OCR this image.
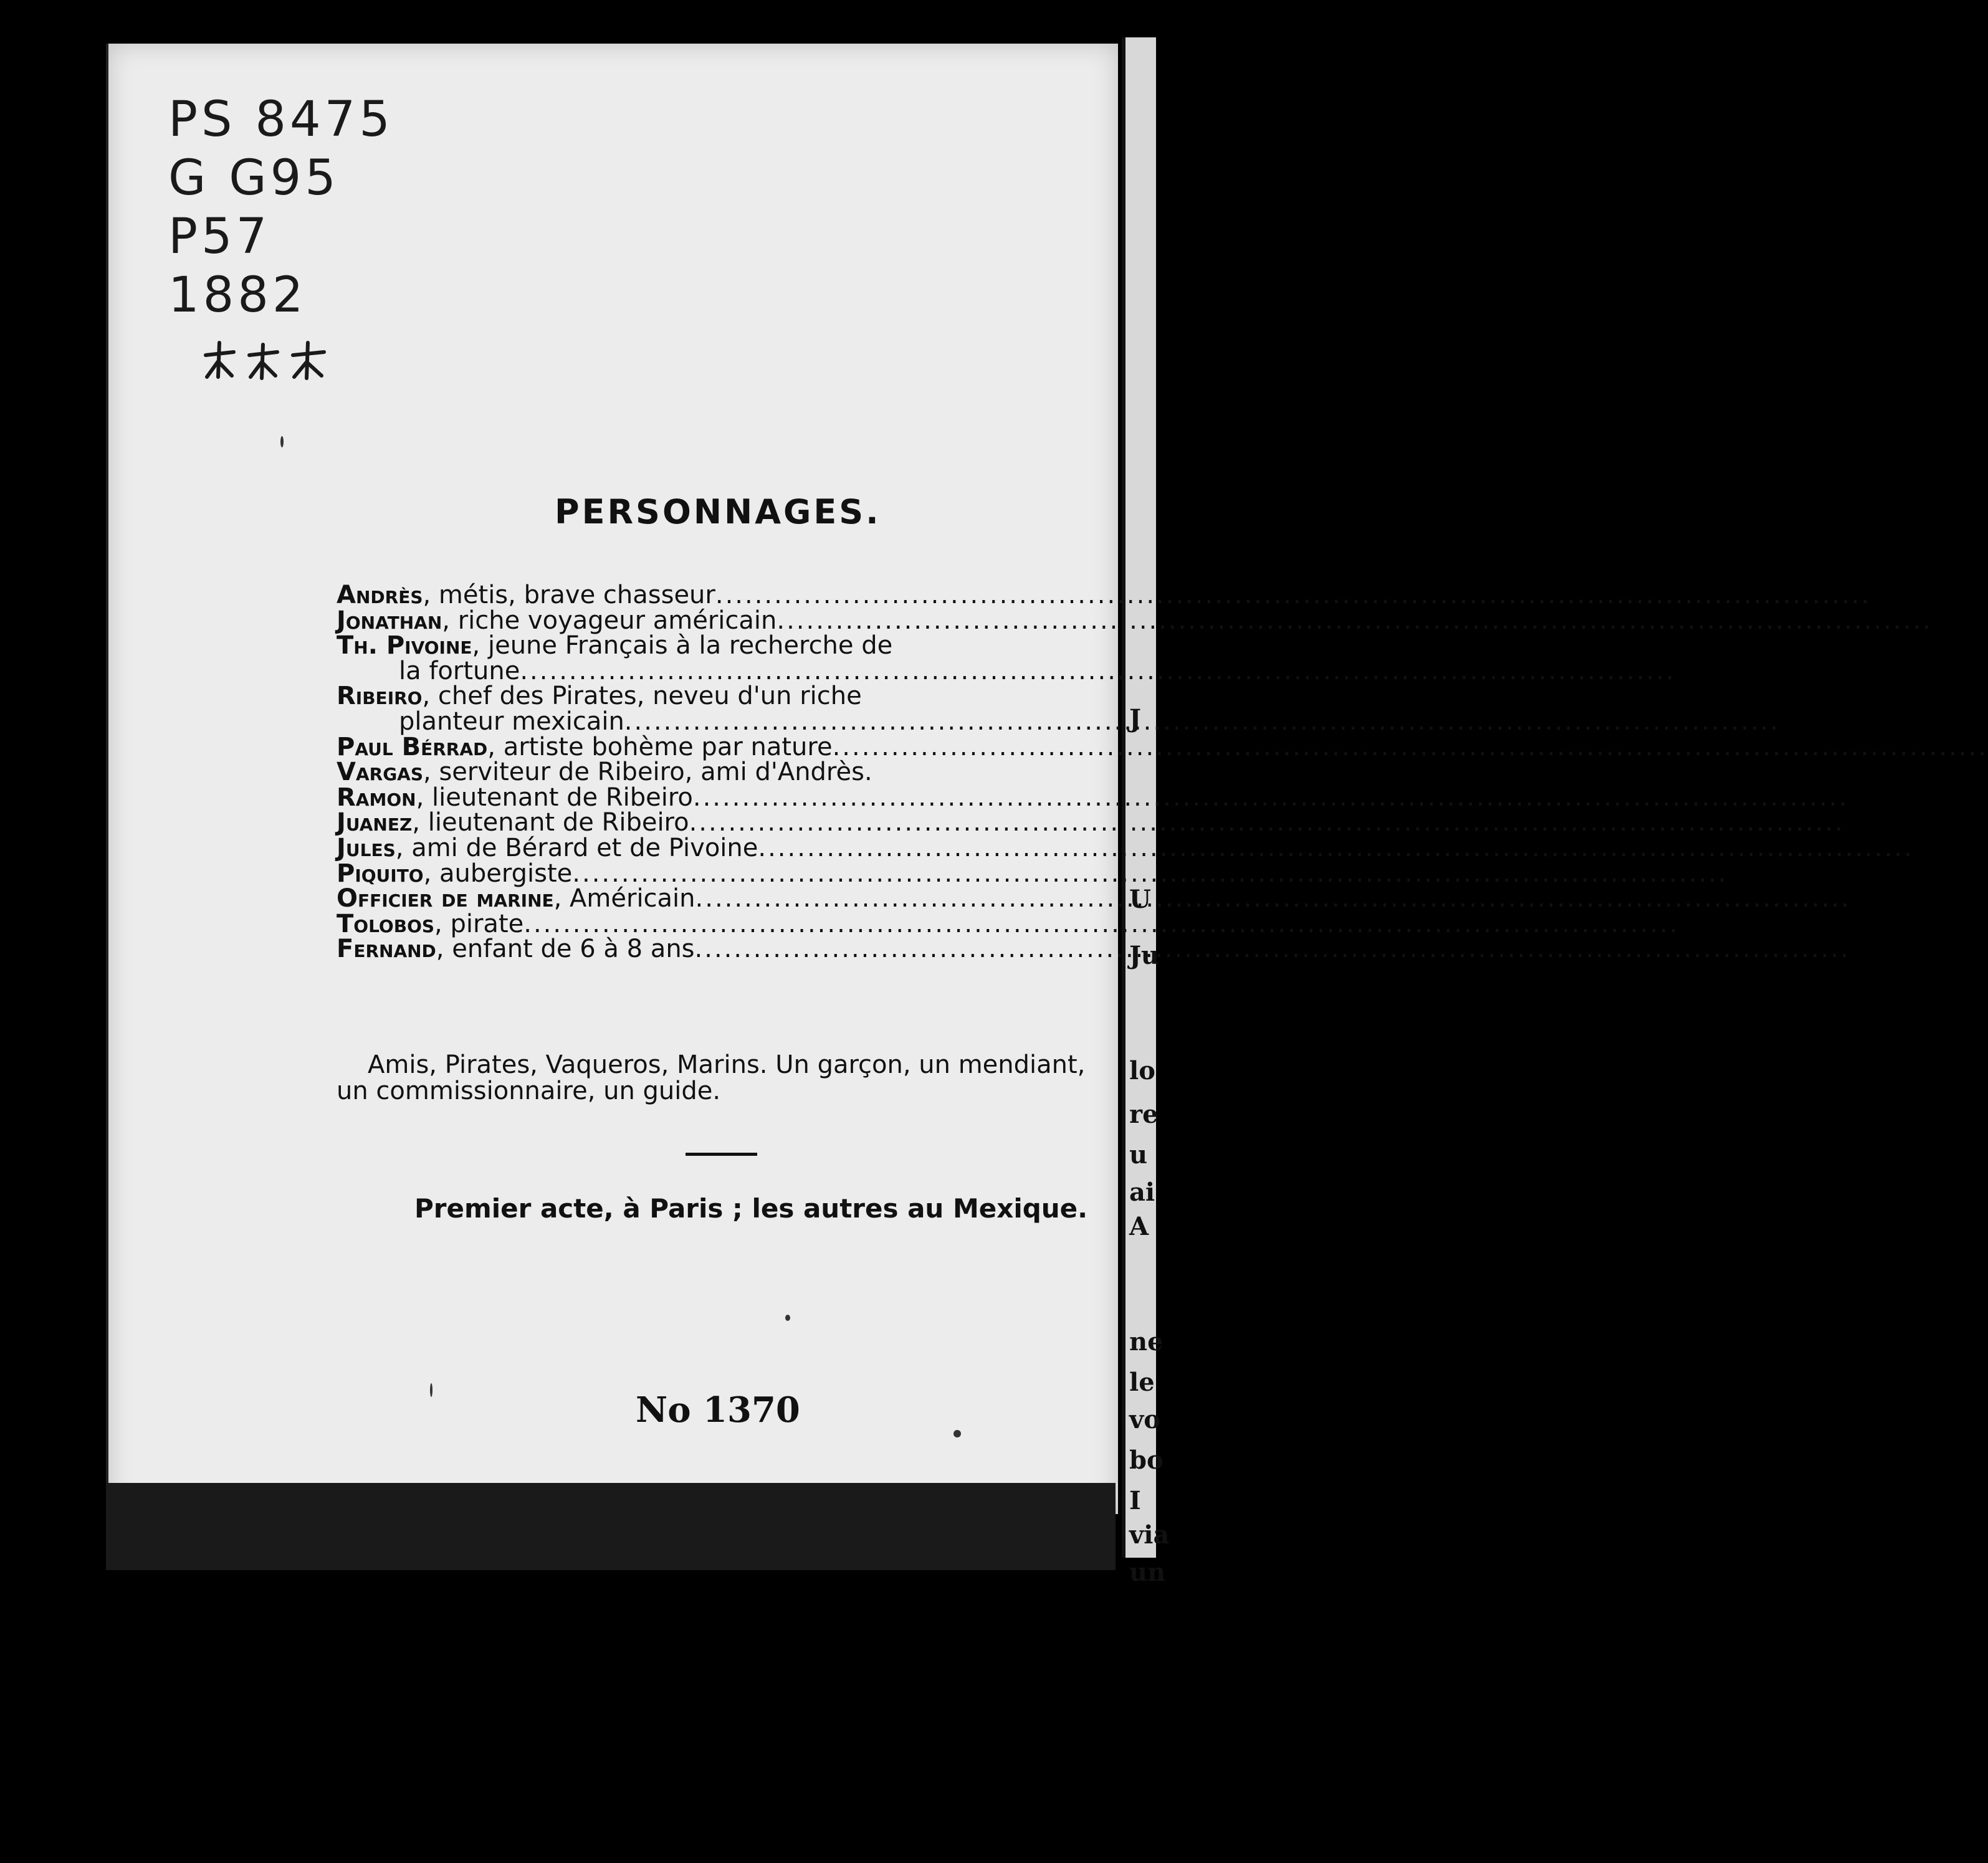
J
U
Ju
lo
re
u
ai
A
ne
le
vo
bo
I
via
un
PS 8475
G G95
P57
1882
PERSONNAGES.
Andrès , métis, brave chasseur
.....
Jonathan , riche voyageur américain
.....
Th. Pivoine , jeune Français à la recherche de
la fortune
.....
Ribeiro , chef des Pirates, neveu d'un riche
planteur mexicain
.....
Paul Bérrad , artiste bohème par nature
.....
Vargas , serviteur de Ribeiro, ami d'Andrès.
Ramon , lieutenant de Ribeiro
.....
Juanez , lieutenant de Ribeiro
.....
Jules , ami de Bérard et de Pivoine
.....
Piquito , aubergiste
.....
Officier de marine , Américain
.....
Tolobos , pirate
.....
Fernand , enfant de 6 à 8 ans
.....
Amis, Pirates, Vaqueros, Marins. Un garçon, un mendiant, un commissionnaire, un guide.
Premier acte, à Paris ; les autres au Mexique.
No 1370
